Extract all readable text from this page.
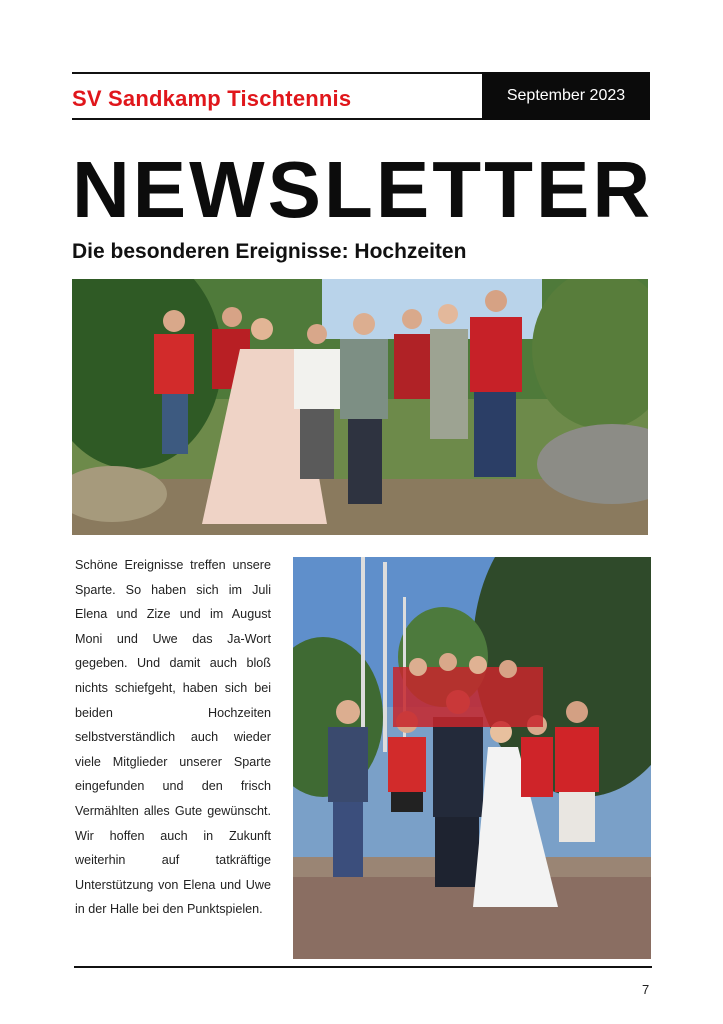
SV Sandkamp Tischtennis	September 2023
NEWSLETTER
Die besonderen Ereignisse: Hochzeiten
Schöne Ereignisse treffen unsere Sparte. So haben sich im Juli Elena und Zize und im August Moni und Uwe das Ja-Wort gegeben. Und damit auch bloß nichts schiefgeht, haben sich bei beiden Hochzeiten selbstverständlich auch wieder viele Mitglieder unserer Sparte eingefunden und den frisch Vermählten alles Gute gewünscht. Wir hoffen auch in Zukunft weiterhin auf tatkräftige Unterstützung von Elena und Uwe in der Halle bei den Punktspielen.
7
